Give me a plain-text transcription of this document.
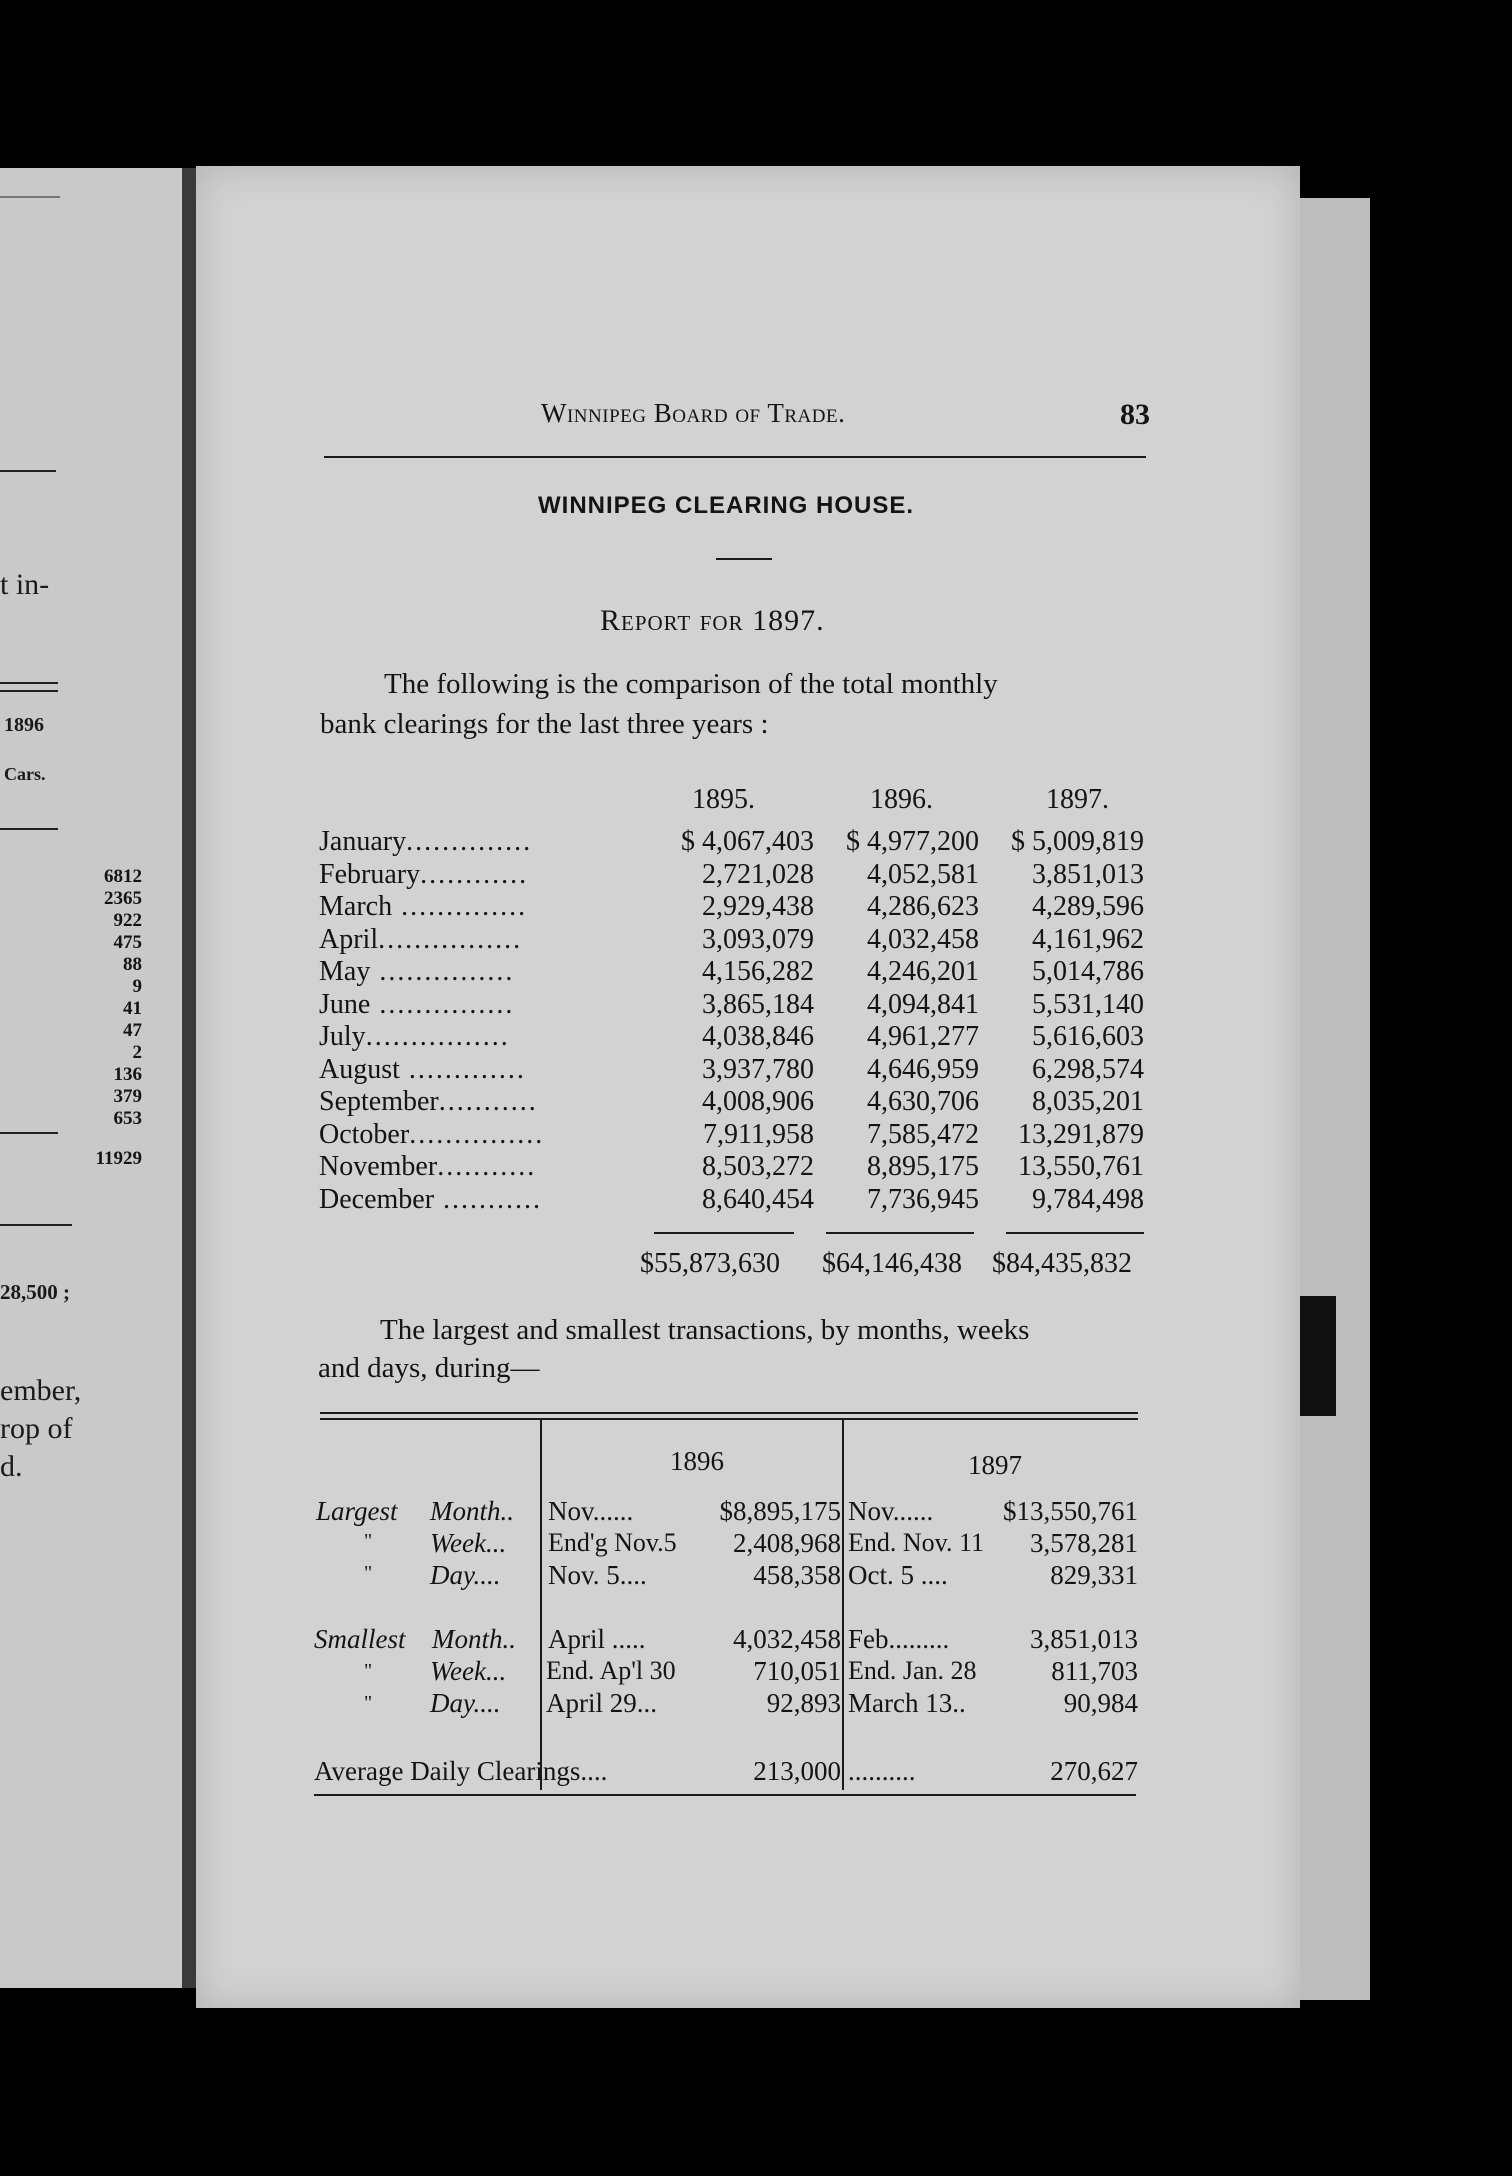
t in-
1896
Cars.
6812
2365
922
475
88
9
41
47
2
136
379
653
11929
28,500 ;
ember,
rop of
d.
Winnipeg Board of Trade.	83
WINNIPEG CLEARING HOUSE.
Report for 1897.
The following is the comparison of the total monthly
bank clearings for the last three years :
1895.	1896.	1897.
January..............	$ 4,067,403 $ 4,977,200 $ 5,009,819
February............	2,721,028 4,052,581 3,851,013
March ..............	2,929,438 4,286,623 4,289,596
April................	3,093,079 4,032,458 4,161,962
May ...............	4,156,282 4,246,201 5,014,786
June ...............	3,865,184 4,094,841 5,531,140
July................	4,038,846 4,961,277 5,616,603
August .............	3,937,780 4,646,959 6,298,574
September...........	4,008,906 4,630,706 8,035,201
October...............	7,911,958 7,585,472 13,291,879
November...........	8,503,272 8,895,175 13,550,761
December ...........	8,640,454 7,736,945 9,784,498
$55,873,630 $64,146,438 $84,435,832
The largest and smallest transactions, by months, weeks
and days, during—
1896	1897
Largest Month.. Nov......	$8,895,175 Nov......	$13,550,761
" Week... End'g Nov.5 2,408,968 End. Nov. 11 3,578,281
" Day.... Nov. 5....	458,358 Oct. 5 ....	829,331
Smallest Month.. April .....	4,032,458 Feb.........	3,851,013
" Week... End. Ap'l 30	710,051 End. Jan. 28	811,703
" Day.... April 29...	92,893 March 13..	90,984
Average Daily Clearings....	213,000 ..........	270,627
